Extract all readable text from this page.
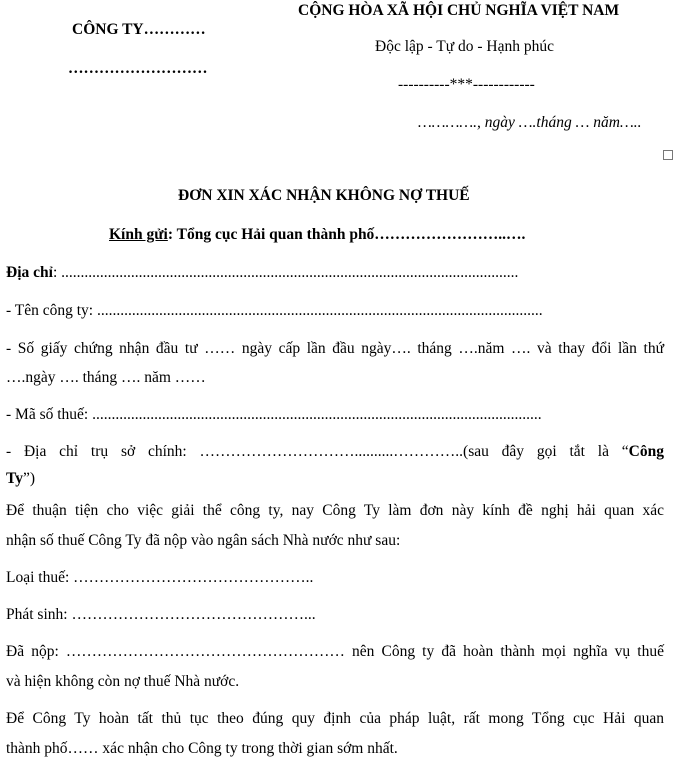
CÔNG TY…………
………………………
CỘNG HÒA XÃ HỘI CHỦ NGHĨA VIỆT NAM
Độc lập - Tự do - Hạnh phúc
----------***------------
…………., ngày ….tháng … năm…..
ĐƠN XIN XÁC NHẬN KHÔNG NỢ THUẾ
Kính gửi: Tổng cục Hải quan thành phố……………………..….
Địa chỉ: ......................................................................................................................
- Tên công ty: ...................................................................................................................
- Số giấy chứng nhận đầu tư …… ngày cấp lần đầu ngày…. tháng ….năm …. và thay đổi lần thứ
….ngày …. tháng …. năm ……
- Mã số thuế: ....................................................................................................................
- Địa chỉ trụ sở chính: …………………………..........…………..(sau đây gọi tắt là “Công
Ty”)
Để thuận tiện cho việc giải thể công ty, nay Công Ty làm đơn này kính đề nghị hải quan xác
nhận số thuế Công Ty đã nộp vào ngân sách Nhà nước như sau:
Loại thuế: ………………………………………..
Phát sinh: ………………………………………...
Đã nộp: ……………………………………………… nên Công ty đã hoàn thành mọi nghĩa vụ thuế
và hiện không còn nợ thuế Nhà nước.
Để Công Ty hoàn tất thủ tục theo đúng quy định của pháp luật, rất mong Tổng cục Hải quan
thành phố…… xác nhận cho Công ty trong thời gian sớm nhất.
